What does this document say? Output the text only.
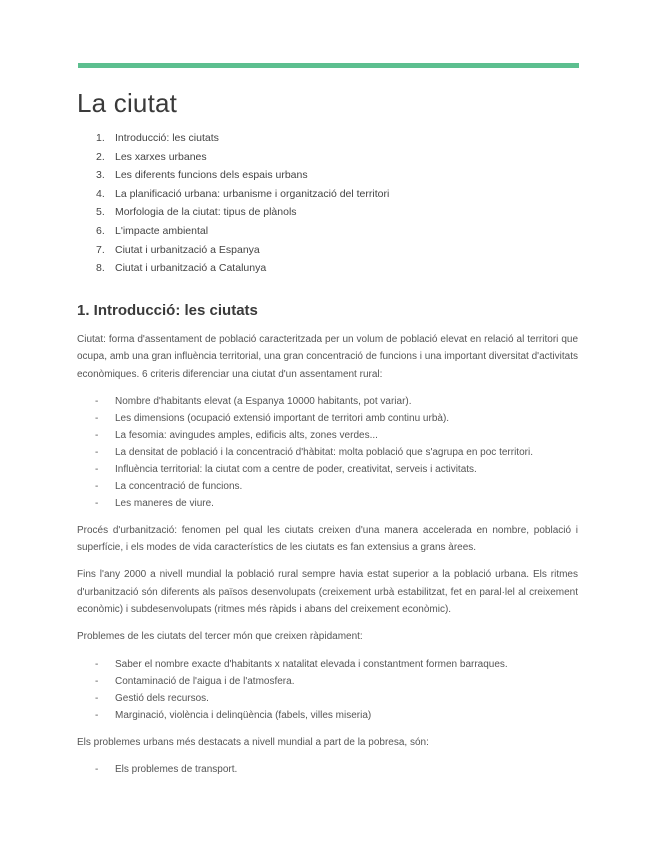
La ciutat
1. Introducció: les ciutats
2. Les xarxes urbanes
3. Les diferents funcions dels espais urbans
4. La planificació urbana: urbanisme i organització del territori
5. Morfologia de la ciutat: tipus de plànols
6. L'impacte ambiental
7. Ciutat i urbanització a Espanya
8. Ciutat i urbanització a Catalunya
1. Introducció: les ciutats

Ciutat: forma d'assentament de població caracteritzada per un volum de població elevat en relació al territori que ocupa, amb una gran influència territorial, una gran concentració de funcions i una important diversitat d'activitats econòmiques. 6 criteris diferenciar una ciutat d'un assentament rural:

- Nombre d'habitants elevat (a Espanya 10000 habitants, pot variar).
- Les dimensions (ocupació extensió important de territori amb continu urbà).
- La fesomia: avingudes amples, edificis alts, zones verdes...
- La densitat de població i la concentració d'hàbitat: molta població que s'agrupa en poc territori.
- Influència territorial: la ciutat com a centre de poder, creativitat, serveis i activitats.
- La concentració de funcions.
- Les maneres de viure.

Procés d'urbanització: fenomen pel qual les ciutats creixen d'una manera accelerada en nombre, població i superfície, i els modes de vida característics de les ciutats es fan extensius a grans àrees.

Fins l'any 2000 a nivell mundial la població rural sempre havia estat superior a la població urbana. Els ritmes d'urbanització són diferents als països desenvolupats (creixement urbà estabilitzat, fet en paral·lel al creixement econòmic) i subdesenvolupats (ritmes més ràpids i abans del creixement econòmic).

Problemes de les ciutats del tercer món que creixen ràpidament:

- Saber el nombre exacte d'habitants x natalitat elevada i constantment formen barraques.
- Contaminació de l'aigua i de l'atmosfera.
- Gestió dels recursos.
- Marginació, violència i delinqüència (fabels, villes miseria)

Els problemes urbans més destacats a nivell mundial a part de la pobresa, són:

- Els problemes de transport.
